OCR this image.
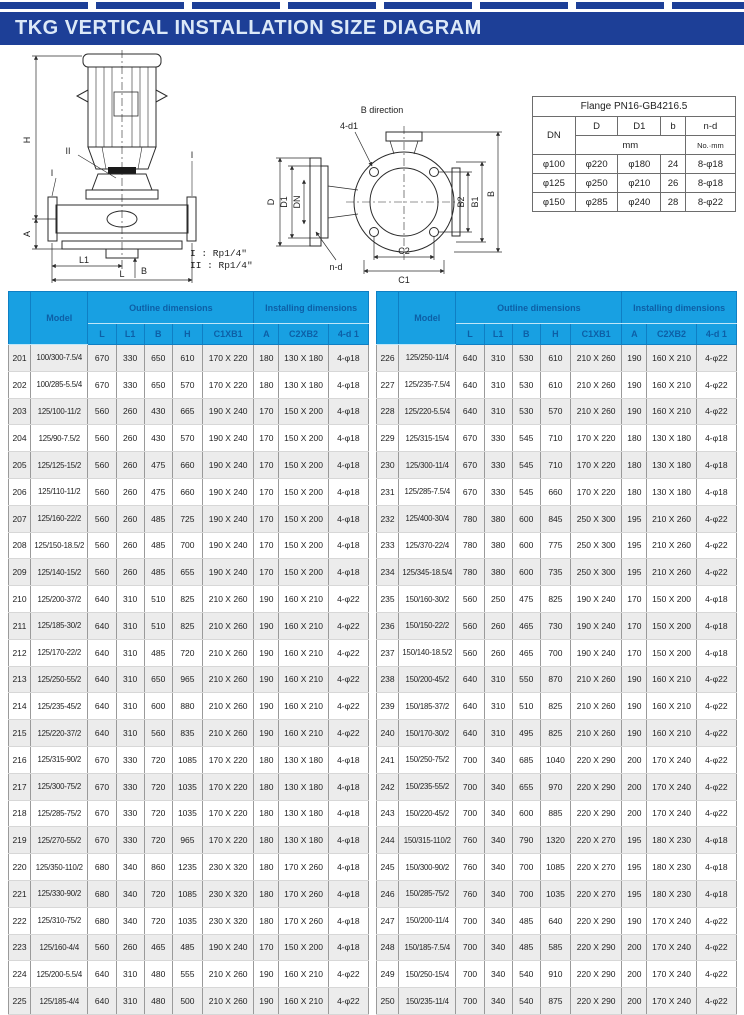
TKG VERTICAL INSTALLATION SIZE DIAGRAM
H
A
L1
L B
II
I
I
B direction
D D1 DN
n-d
4-d1
C2
C1
B2 B1
B
I : Rp1/4"
II : Rp1/4"
Flange PN16-GB4216.5				
DN	D	D1	b	n-d
	mm			No.·mm
φ100	φ220	φ180	24	8-φ18
φ125	φ250	φ210	26	8-φ18
φ150	φ285	φ240	28	8-φ22
	Model	Outline dimensions					Installing dimensions		
		L	L1	B	H	C1XB1	A	C2XB2	4-d 1
201	100/300-7.5/4	670	330	650	610	170 X 220	180	130 X 180	4-φ18
202	100/285-5.5/4	670	330	650	570	170 X 220	180	130 X 180	4-φ18
203	125/100-11/2	560	260	430	665	190 X 240	170	150 X 200	4-φ18
204	125/90-7.5/2	560	260	430	570	190 X 240	170	150 X 200	4-φ18
205	125/125-15/2	560	260	475	660	190 X 240	170	150 X 200	4-φ18
206	125/110-11/2	560	260	475	660	190 X 240	170	150 X 200	4-φ18
207	125/160-22/2	560	260	485	725	190 X 240	170	150 X 200	4-φ18
208	125/150-18.5/2	560	260	485	700	190 X 240	170	150 X 200	4-φ18
209	125/140-15/2	560	260	485	655	190 X 240	170	150 X 200	4-φ18
210	125/200-37/2	640	310	510	825	210 X 260	190	160 X 210	4-φ22
211	125/185-30/2	640	310	510	825	210 X 260	190	160 X 210	4-φ22
212	125/170-22/2	640	310	485	720	210 X 260	190	160 X 210	4-φ22
213	125/250-55/2	640	310	650	965	210 X 260	190	160 X 210	4-φ22
214	125/235-45/2	640	310	600	880	210 X 260	190	160 X 210	4-φ22
215	125/220-37/2	640	310	560	835	210 X 260	190	160 X 210	4-φ22
216	125/315-90/2	670	330	720	1085	170 X 220	180	130 X 180	4-φ18
217	125/300-75/2	670	330	720	1035	170 X 220	180	130 X 180	4-φ18
218	125/285-75/2	670	330	720	1035	170 X 220	180	130 X 180	4-φ18
219	125/270-55/2	670	330	720	965	170 X 220	180	130 X 180	4-φ18
220	125/350-110/2	680	340	860	1235	230 X 320	180	170 X 260	4-φ18
221	125/330-90/2	680	340	720	1085	230 X 320	180	170 X 260	4-φ18
222	125/310-75/2	680	340	720	1035	230 X 320	180	170 X 260	4-φ18
223	125/160-4/4	560	260	465	485	190 X 240	170	150 X 200	4-φ18
224	125/200-5.5/4	640	310	480	555	210 X 260	190	160 X 210	4-φ22
225	125/185-4/4	640	310	480	500	210 X 260	190	160 X 210	4-φ22
	Model	Outline dimensions					Installing dimensions		
		L	L1	B	H	C1XB1	A	C2XB2	4-d 1
226	125/250-11/4	640	310	530	610	210 X 260	190	160 X 210	4-φ22
227	125/235-7.5/4	640	310	530	610	210 X 260	190	160 X 210	4-φ22
228	125/220-5.5/4	640	310	530	570	210 X 260	190	160 X 210	4-φ22
229	125/315-15/4	670	330	545	710	170 X 220	180	130 X 180	4-φ18
230	125/300-11/4	670	330	545	710	170 X 220	180	130 X 180	4-φ18
231	125/285-7.5/4	670	330	545	660	170 X 220	180	130 X 180	4-φ18
232	125/400-30/4	780	380	600	845	250 X 300	195	210 X 260	4-φ22
233	125/370-22/4	780	380	600	775	250 X 300	195	210 X 260	4-φ22
234	125/345-18.5/4	780	380	600	735	250 X 300	195	210 X 260	4-φ22
235	150/160-30/2	560	250	475	825	190 X 240	170	150 X 200	4-φ18
236	150/150-22/2	560	260	465	730	190 X 240	170	150 X 200	4-φ18
237	150/140-18.5/2	560	260	465	700	190 X 240	170	150 X 200	4-φ18
238	150/200-45/2	640	310	550	870	210 X 260	190	160 X 210	4-φ22
239	150/185-37/2	640	310	510	825	210 X 260	190	160 X 210	4-φ22
240	150/170-30/2	640	310	495	825	210 X 260	190	160 X 210	4-φ22
241	150/250-75/2	700	340	685	1040	220 X 290	200	170 X 240	4-φ22
242	150/235-55/2	700	340	655	970	220 X 290	200	170 X 240	4-φ22
243	150/220-45/2	700	340	600	885	220 X 290	200	170 X 240	4-φ22
244	150/315-110/2	760	340	790	1320	220 X 270	195	180 X 230	4-φ18
245	150/300-90/2	760	340	700	1085	220 X 270	195	180 X 230	4-φ18
246	150/285-75/2	760	340	700	1035	220 X 270	195	180 X 230	4-φ18
247	150/200-11/4	700	340	485	640	220 X 290	190	170 X 240	4-φ22
248	150/185-7.5/4	700	340	485	585	220 X 290	200	170 X 240	4-φ22
249	150/250-15/4	700	340	540	910	220 X 290	200	170 X 240	4-φ22
250	150/235-11/4	700	340	540	875	220 X 290	200	170 X 240	4-φ22
